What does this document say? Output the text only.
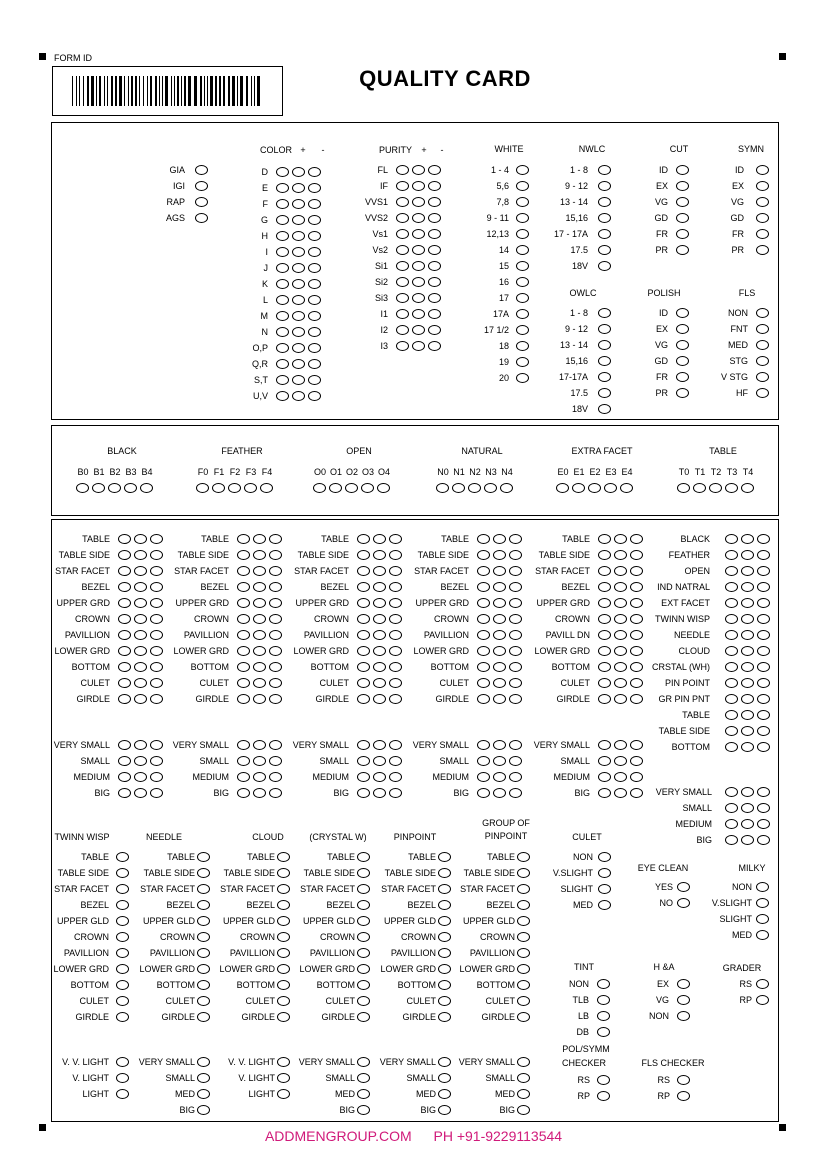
FORM ID
QUALITY CARD
GIA
IGI
RAP
AGS
COLOR +	-
D
E
F
G
H
I
J
K
L
M
N
O,P
Q,R
S,T
U,V
PURITY +	-
FL
IF
VVS1
VVS2
Vs1
Vs2
Si1
Si2
Si3
I1
I2
I3
WHITE
1 - 4
5,6
7,8
9 - 11
12,13
14
15
16
17
17A
17 1/2
18
19
20
NWLC
1 - 8
9 - 12
13 - 14
15,16
17 - 17A
17.5
18V
OWLC
1 - 8
9 - 12
13 - 14
15,16
17-17A
17.5
18V
CUT
ID
EX
VG
GD
FR
PR
SYMN
ID
EX
VG
GD
FR
PR
POLISH
ID
EX
VG
GD
FR
PR
FLS
NON
FNT
MED
STG
V STG
HF
BLACK
B0 B1 B2 B3 B4
FEATHER
F0 F1 F2 F3 F4
OPEN
O0 O1 O2 O3 O4
NATURAL
N0 N1 N2 N3 N4
EXTRA FACET
E0 E1 E2 E3 E4
TABLE
T0 T1 T2 T3 T4
TABLE
TABLE SIDE
STAR FACET
BEZEL
UPPER GRD
CROWN
PAVILLION
LOWER GRD
BOTTOM
CULET
GIRDLE
VERY SMALL
SMALL
MEDIUM
BIG
TABLE
TABLE SIDE
STAR FACET
BEZEL
UPPER GRD
CROWN
PAVILLION
LOWER GRD
BOTTOM
CULET
GIRDLE
VERY SMALL
SMALL
MEDIUM
BIG
TABLE
TABLE SIDE
STAR FACET
BEZEL
UPPER GRD
CROWN
PAVILLION
LOWER GRD
BOTTOM
CULET
GIRDLE
VERY SMALL
SMALL
MEDIUM
BIG
TABLE
TABLE SIDE
STAR FACET
BEZEL
UPPER GRD
CROWN
PAVILLION
LOWER GRD
BOTTOM
CULET
GIRDLE
VERY SMALL
SMALL
MEDIUM
BIG
TABLE
TABLE SIDE
STAR FACET
BEZEL
UPPER GRD
CROWN
PAVILL DN
LOWER GRD
BOTTOM
CULET
GIRDLE
VERY SMALL
SMALL
MEDIUM
BIG
BLACK
FEATHER
OPEN
IND NATRAL
EXT FACET
TWINN WISP
NEEDLE
CLOUD
CRSTAL (WH)
PIN POINT
GR PIN PNT
TABLE
TABLE SIDE
BOTTOM
VERY SMALL
SMALL
MEDIUM
BIG
TWINN WISP
TABLE
TABLE SIDE
STAR FACET
BEZEL
UPPER GLD
CROWN
PAVILLION
LOWER GRD
BOTTOM
CULET
GIRDLE
V. V. LIGHT
V. LIGHT
LIGHT
NEEDLE
TABLE
TABLE SIDE
STAR FACET
BEZEL
UPPER GLD
CROWN
PAVILLION
LOWER GRD
BOTTOM
CULET
GIRDLE
VERY SMALL
SMALL
MED
BIG
CLOUD
TABLE
TABLE SIDE
STAR FACET
BEZEL
UPPER GLD
CROWN
PAVILLION
LOWER GRD
BOTTOM
CULET
GIRDLE
V. V. LIGHT
V. LIGHT
LIGHT
(CRYSTAL W)
TABLE
TABLE SIDE
STAR FACET
BEZEL
UPPER GLD
CROWN
PAVILLION
LOWER GRD
BOTTOM
CULET
GIRDLE
VERY SMALL
SMALL
MED
BIG
PINPOINT
TABLE
TABLE SIDE
STAR FACET
BEZEL
UPPER GLD
CROWN
PAVILLION
LOWER GRD
BOTTOM
CULET
GIRDLE
VERY SMALL
SMALL
MED
BIG
GROUP OF
PINPOINT
TABLE
TABLE SIDE
STAR FACET
BEZEL
UPPER GLD
CROWN
PAVILLION
LOWER GRD
BOTTOM
CULET
GIRDLE
VERY SMALL
SMALL
MED
BIG
CULET
NON
V.SLIGHT
SLIGHT
MED
EYE CLEAN
YES
NO
MILKY
NON
V.SLIGHT
SLIGHT
MED
TINT
NON
TLB
LB
DB
H &A
EX
VG
NON
GRADER
RS
RP
POL/SYMM
CHECKER
RS
RP
FLS CHECKER
RS
RP
ADDMENGROUP.COM PH +91-9229113544
